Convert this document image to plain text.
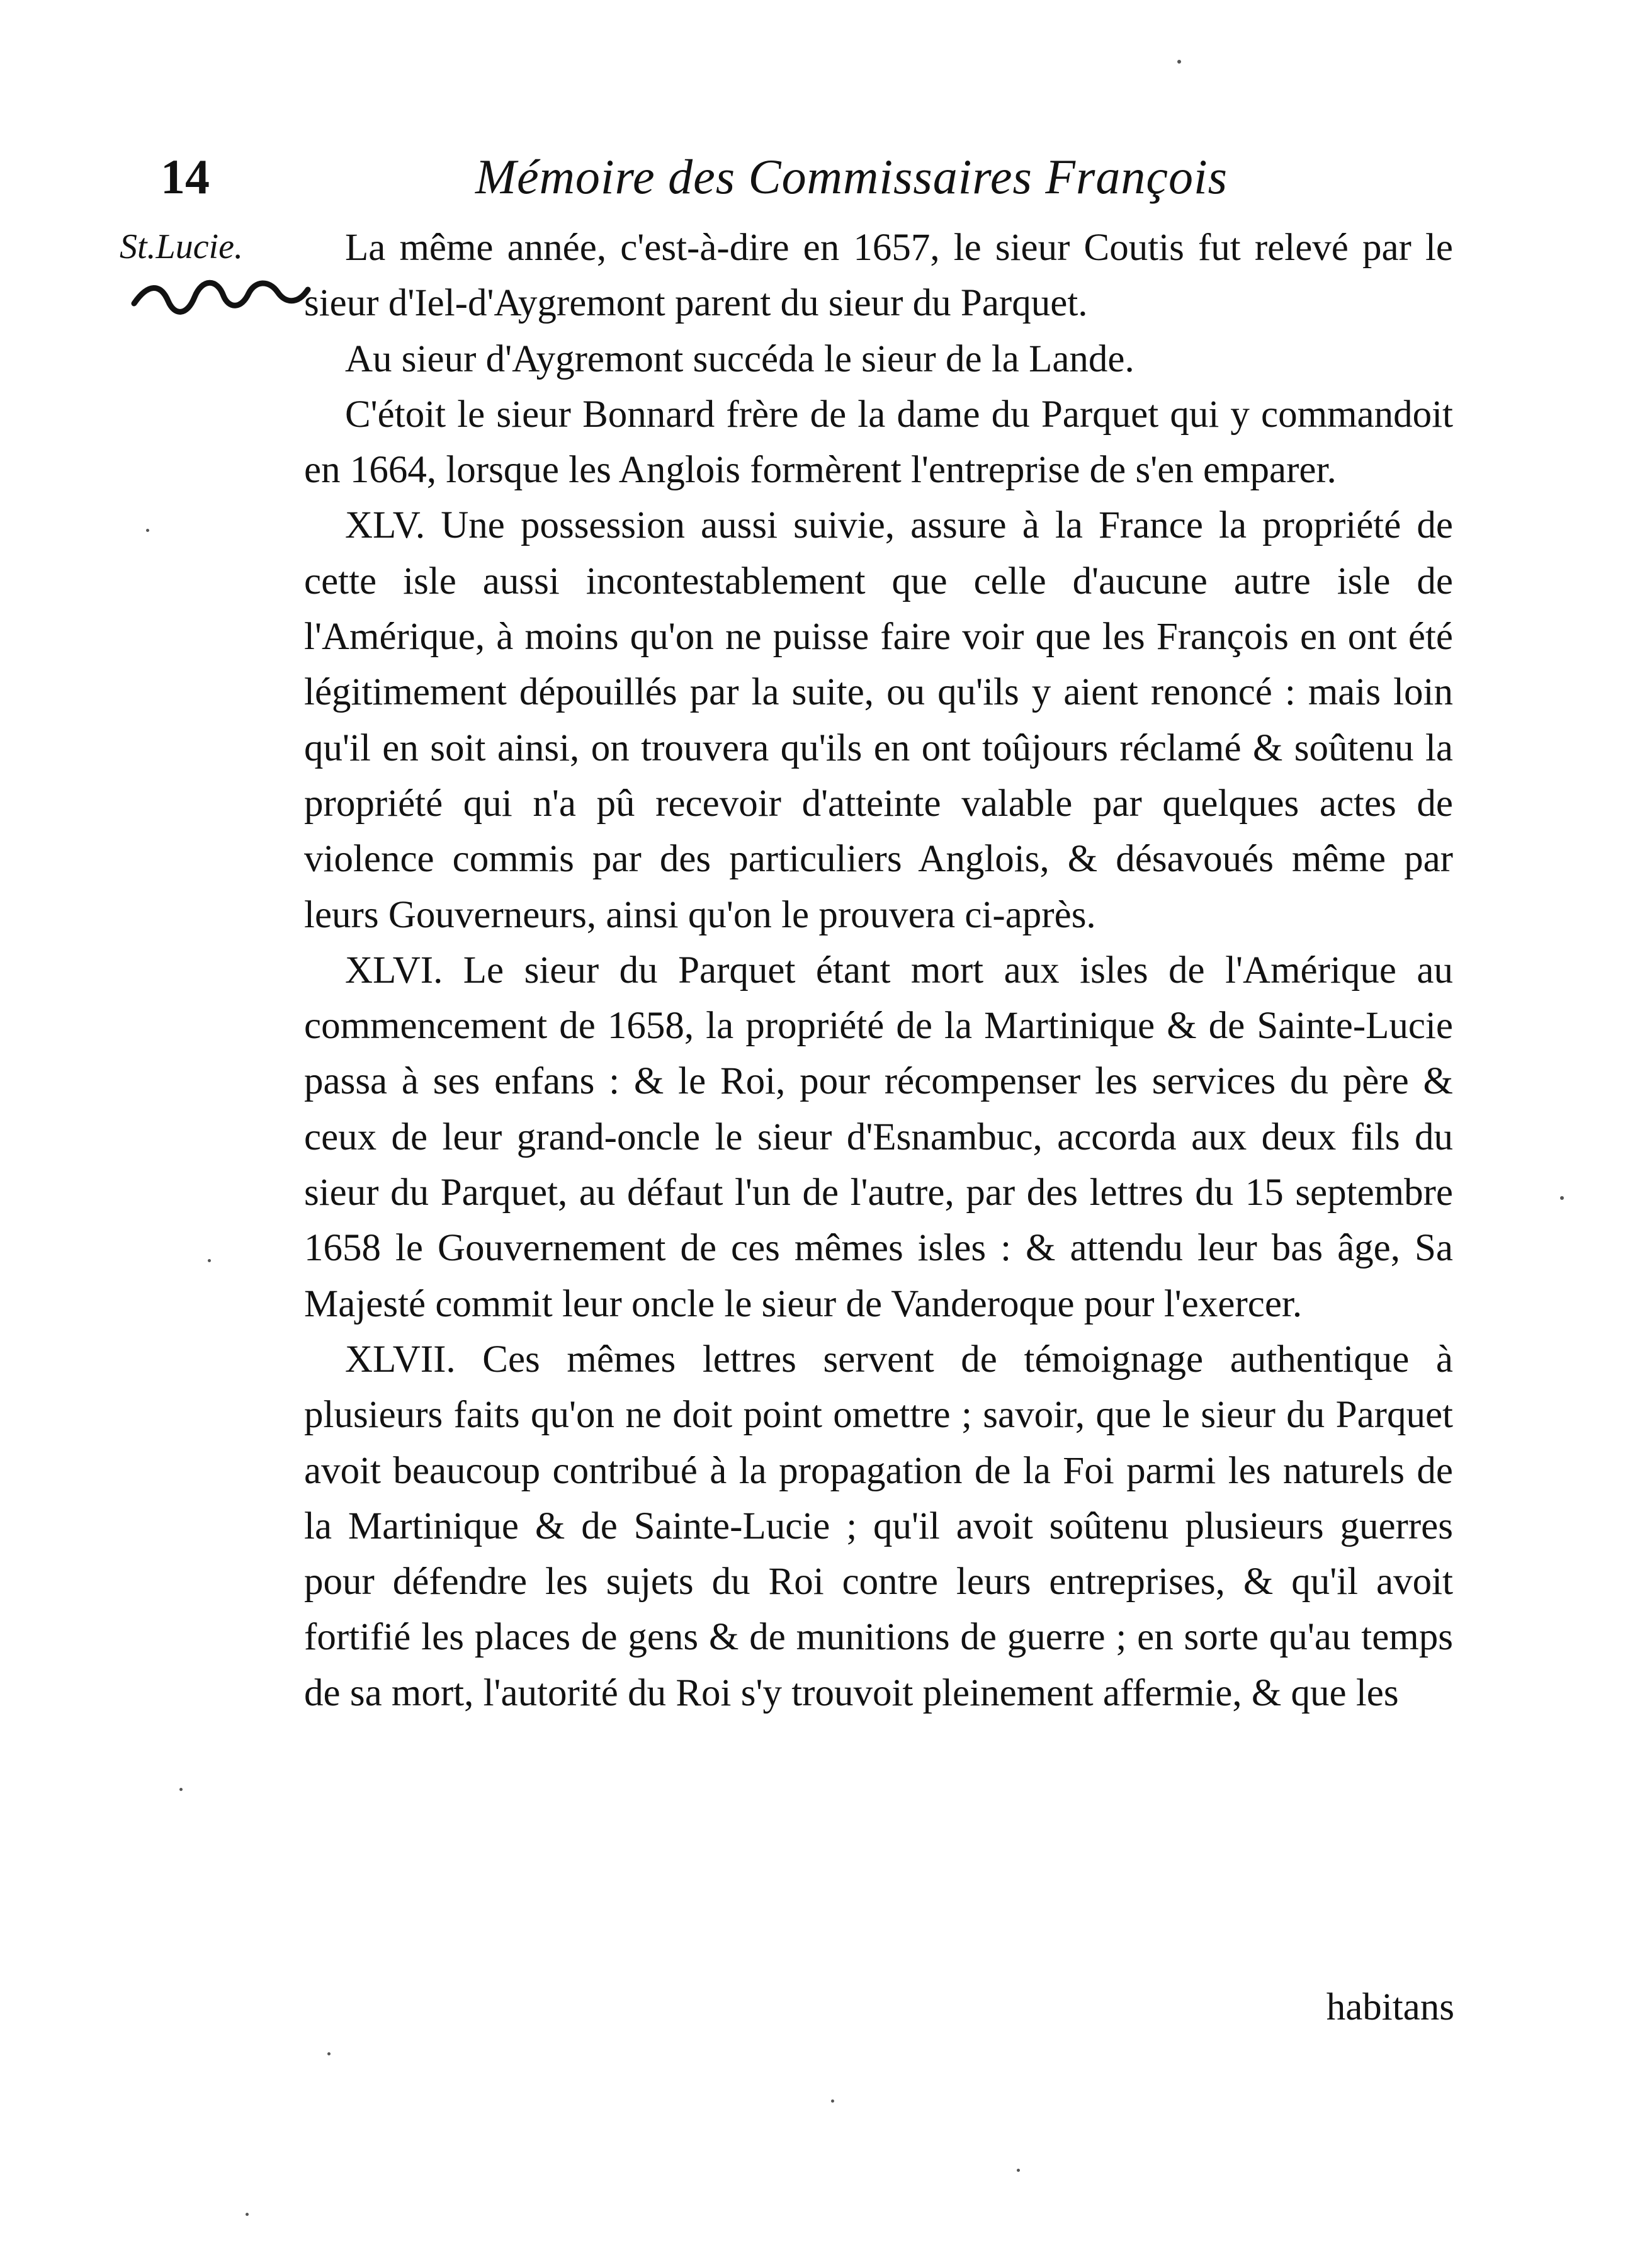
14	Mémoire des Commissaires François
St.Lucie.	La même année, c'est-à-dire en 1657, le sieur Coutis fut relevé par le sieur d'Iel-d'Aygremont parent du sieur du Parquet.

Au sieur d'Aygremont succéda le sieur de la Lande.

C'étoit le sieur Bonnard frère de la dame du Parquet qui y commandoit en 1664, lorsque les Anglois formèrent l'entreprise de s'en emparer.

XLV. Une possession aussi suivie, assure à la France la propriété de cette isle aussi incontestablement que celle d'aucune autre isle de l'Amérique, à moins qu'on ne puisse faire voir que les François en ont été légitimement dépouillés par la suite, ou qu'ils y aient renoncé : mais loin qu'il en soit ainsi, on trouvera qu'ils en ont toûjours réclamé & soûtenu la propriété qui n'a pû recevoir d'atteinte valable par quelques actes de violence commis par des particuliers Anglois, & désavoués même par leurs Gouverneurs, ainsi qu'on le prouvera ci-après.

XLVI. Le sieur du Parquet étant mort aux isles de l'Amérique au commencement de 1658, la propriété de la Martinique & de Sainte-Lucie passa à ses enfans : & le Roi, pour récompenser les services du père & ceux de leur grand-oncle le sieur d'Esnambuc, accorda aux deux fils du sieur du Parquet, au défaut l'un de l'autre, par des lettres du 15 septembre 1658 le Gouvernement de ces mêmes isles : & attendu leur bas âge, Sa Majesté commit leur oncle le sieur de Vanderoque pour l'exercer.

XLVII. Ces mêmes lettres servent de témoignage authentique à plusieurs faits qu'on ne doit point omettre ; savoir, que le sieur du Parquet avoit beaucoup contribué à la propagation de la Foi parmi les naturels de la Martinique & de Sainte-Lucie ; qu'il avoit soûtenu plusieurs guerres pour défendre les sujets du Roi contre leurs entreprises, & qu'il avoit fortifié les places de gens & de munitions de guerre ; en sorte qu'au temps de sa mort, l'autorité du Roi s'y trouvoit pleinement affermie, & que les

habitans
